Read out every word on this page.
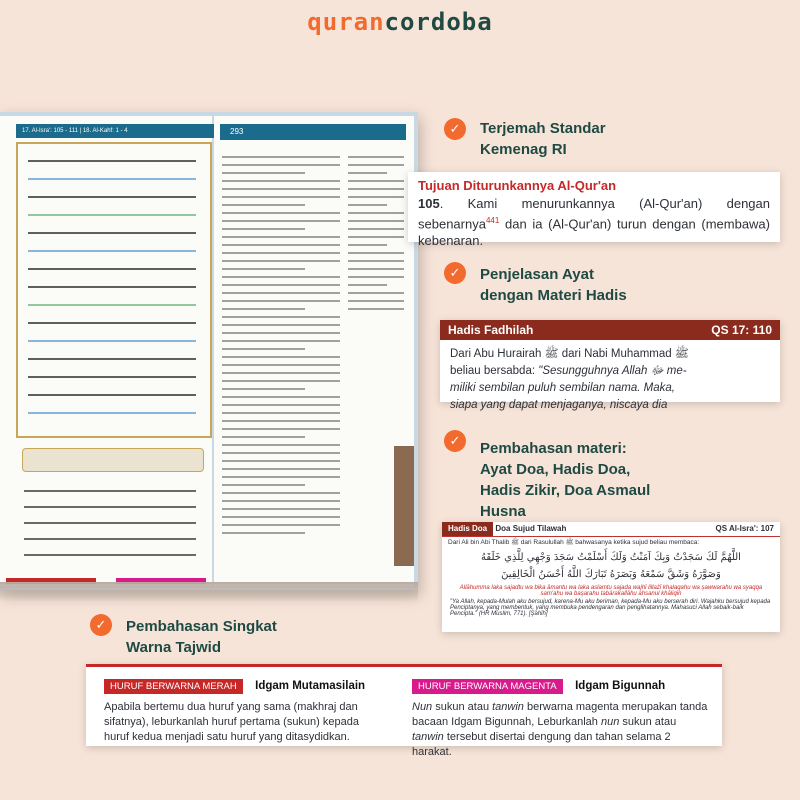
qurancordoba
17. Al-Isra': 105 - 111 | 18. Al-Kahf: 1 - 4	293	✓	Terjemah Standar
Kemenag RI
Tujuan Diturunkannya Al-Qur'an
105. Kami menurunkannya (Al-Qur'an) dengan sebenarnya$^{441}$ dan ia (Al-Qur'an) turun dengan (membawa) kebenaran.
✓	Penjelasan Ayat
dengan Materi Hadis
Hadis Fadhilah	QS 17: 110
Dari Abu Hurairah ﷺ dari Nabi Muhammad ﷺ
beliau bersabda: "Sesungguhnya Allah ﷻ me-
miliki sembilan puluh sembilan nama. Maka,
siapa yang dapat menjaganya, niscaya dia
✓	Pembahasan materi:
Ayat Doa, Hadis Doa,
Hadis Zikir, Doa Asmaul
Husna
Hadis Doa Doa Sujud Tilawah	QS Al-Isra': 107
Dari Ali bin Abi Thalib ﷺ dari Rasulullah ﷺ bahwasanya ketika sujud beliau membaca:
اللَّهُمَّ لَكَ سَجَدْتُ وَبِكَ آمَنْتُ وَلَكَ أَسْلَمْتُ سَجَدَ وَجْهِي لِلَّذِي خَلَقَهُ
وَصَوَّرَهُ وَشَقَّ سَمْعَهُ وَبَصَرَهُ تَبَارَكَ اللَّهُ أَحْسَنُ الْخَالِقِينَ
Allāhumma laka sajadtu wa bika āmantu wa laka aslamtu sajada wajhī lillażī khalaqahu wa şawwarahu wa syaqqa sam'ahu wa başarahu tabārakallāhu ahsanul khāliqīn
"Ya Allah, kepada-Mulah aku bersujud, karena-Mu aku beriman, kepada-Mu aku berserah diri. Wajahku bersujud kepada Penciptanya, yang membentuk, yang membuka pendengaran dan penglihatannya. Mahasuci Allah sebaik-baik Pencipta." (HR Muslim, 771). [Şahīh]
✓	Pembahasan Singkat
Warna Tajwid
HURUF BERWARNA MERAH Idgam Mutamasilain
Apabila bertemu dua huruf yang sama (makhraj dan sifatnya), leburkanlah huruf pertama (sukun) kepada huruf kedua menjadi satu huruf yang ditasydidkan.
HURUF BERWARNA MAGENTA Idgam Bigunnah
Nun sukun atau tanwin berwarna magenta merupakan tanda bacaan Idgam Bigunnah, Leburkanlah nun sukun atau tanwin tersebut disertai dengung dan tahan selama 2 harakat.
